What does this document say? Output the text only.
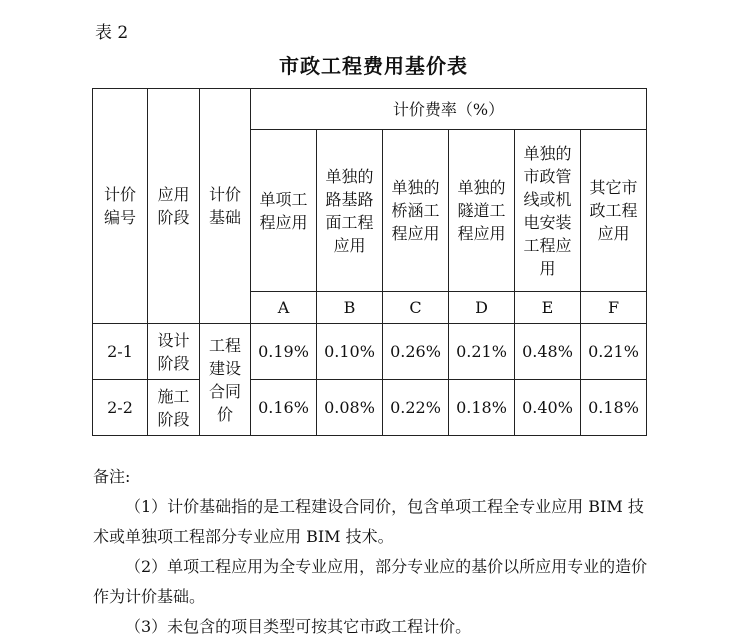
表 2
市政工程费用基价表
计价编号	应用阶段	计价基础	计价费率（%）					

			单项工程应用	单独的路基路面工程应用	单独的桥涵工程应用	单独的隧道工程应用	单独的市政管线或机电安装工程应用	其它市政工程应用

			A	B	C	D	E	F
2-1	设计阶段	工程建设合同价	0.19%	0.10%	0.26%	0.21%	0.48%	0.21%
2-2	施工阶段		0.16%	0.08%	0.22%	0.18%	0.40%	0.18%
备注:

（1）计价基础指的是工程建设合同价，包含单项工程全专业应用 BIM 技术或单独项工程部分专业应用 BIM 技术。

（2）单项工程应用为全专业应用，部分专业应的基价以所应用专业的造价作为计价基础。

（3）未包含的项目类型可按其它市政工程计价。
